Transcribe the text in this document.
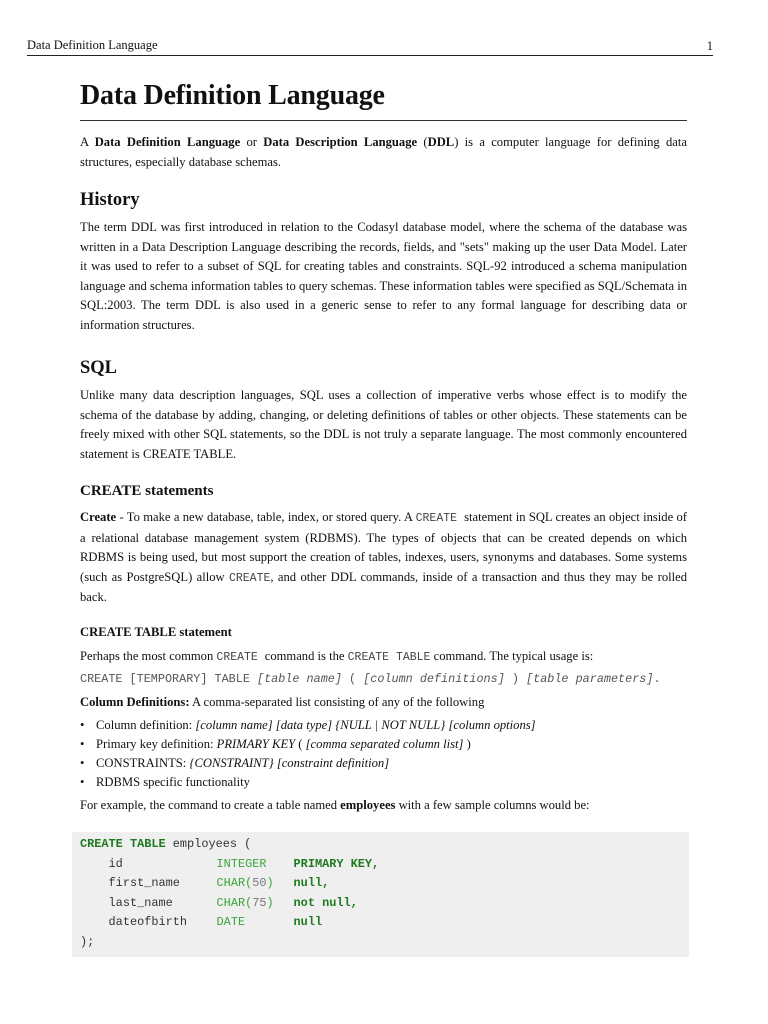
Data Definition Language	1
Data Definition Language

A Data Definition Language or Data Description Language (DDL) is a computer language for defining data structures, especially database schemas.

History

The term DDL was first introduced in relation to the Codasyl database model, where the schema of the database was written in a Data Description Language describing the records, fields, and "sets" making up the user Data Model. Later it was used to refer to a subset of SQL for creating tables and constraints. SQL-92 introduced a schema manipulation language and schema information tables to query schemas. These information tables were specified as SQL/Schemata in SQL:2003. The term DDL is also used in a generic sense to refer to any formal language for describing data or information structures.

SQL

Unlike many data description languages, SQL uses a collection of imperative verbs whose effect is to modify the schema of the database by adding, changing, or deleting definitions of tables or other objects. These statements can be freely mixed with other SQL statements, so the DDL is not truly a separate language. The most commonly encountered statement is CREATE TABLE.

CREATE statements

Create - To make a new database, table, index, or stored query. A CREATE statement in SQL creates an object inside of a relational database management system (RDBMS). The types of objects that can be created depends on which RDBMS is being used, but most support the creation of tables, indexes, users, synonyms and databases. Some systems (such as PostgreSQL) allow CREATE, and other DDL commands, inside of a transaction and thus they may be rolled back.

CREATE TABLE statement

Perhaps the most common CREATE command is the CREATE TABLE command. The typical usage is:

CREATE [TEMPORARY] TABLE [table name] ( [column definitions] ) [table parameters].

Column Definitions: A comma-separated list consisting of any of the following

• Column definition: [column name] [data type] {NULL | NOT NULL} [column options]
• Primary key definition: PRIMARY KEY ( [comma separated column list] )
• CONSTRAINTS: {CONSTRAINT} [constraint definition]
• RDBMS specific functionality

For example, the command to create a table named employees with a few sample columns would be:

CREATE TABLE employees (
id	INTEGER PRIMARY KEY,
first_name	CHAR(50) null,
last_name	CHAR(75) not null,
dateofbirth DATE	null
);
